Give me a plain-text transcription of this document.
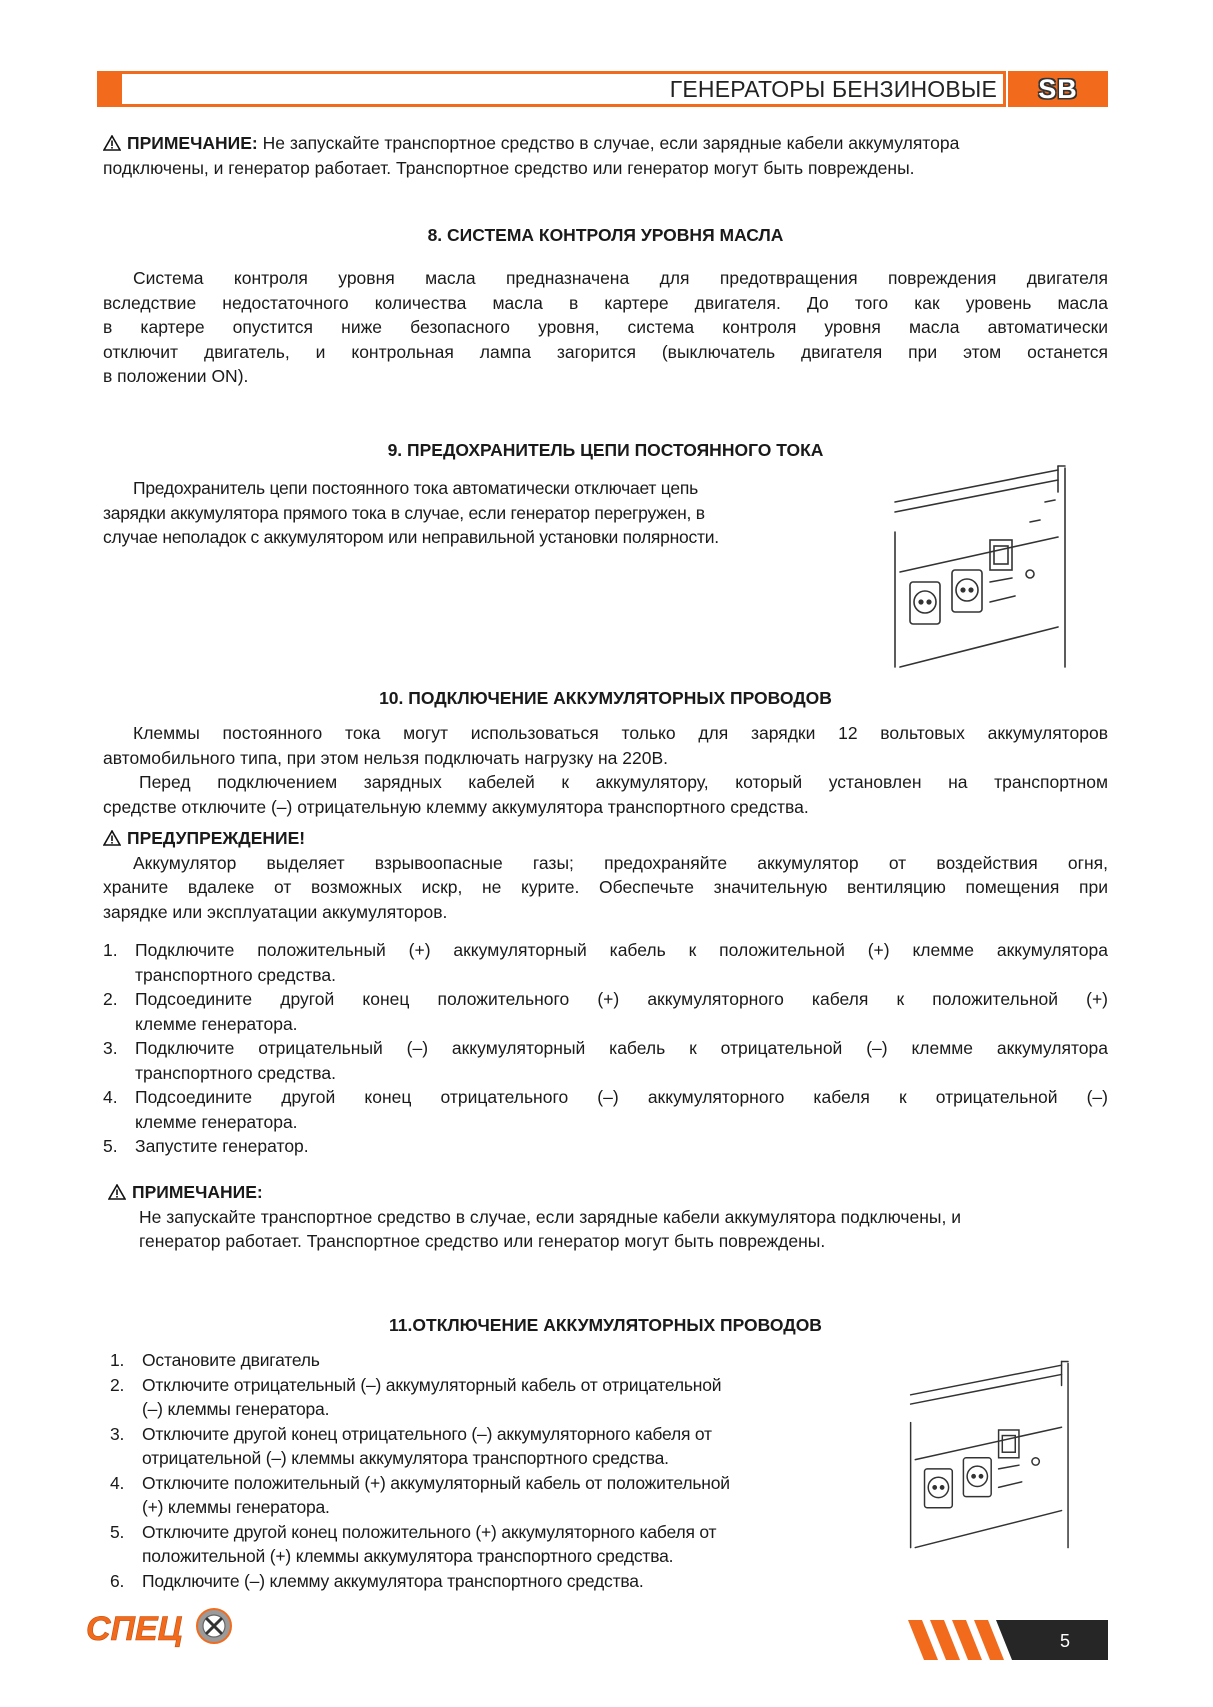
ГЕНЕРАТОРЫ БЕНЗИНОВЫЕ SB

ПРИМЕЧАНИЕ: Не запускайте транспортное средство в случае, если зарядные кабели аккумулятора

подключены, и генератор работает. Транспортное средство или генератор могут быть повреждены.

8. СИСТЕМА КОНТРОЛЯ УРОВНЯ МАСЛА

Система контроля уровня масла предназначена для предотвращения повреждения двигателя

вследствие недостаточного количества масла в картере двигателя. До того как уровень масла

в картере опустится ниже безопасного уровня, система контроля уровня масла автоматически

отключит двигатель, и контрольная лампа загорится (выключатель двигателя при этом останется

в положении ON).

9. ПРЕДОХРАНИТЕЛЬ ЦЕПИ ПОСТОЯННОГО ТОКА

Предохранитель цепи постоянного тока автоматически отключает цепь

зарядки аккумулятора прямого тока в случае, если генератор перегружен, в

случае неполадок с аккумулятором или неправильной установки полярности.

10. ПОДКЛЮЧЕНИЕ АККУМУЛЯТОРНЫХ ПРОВОДОВ

Клеммы постоянного тока могут использоваться только для зарядки 12 вольтовых аккумуляторов

автомобильного типа, при этом нельзя подключать нагрузку на 220В.

Перед подключением зарядных кабелей к аккумулятору, который установлен на транспортном

средстве отключите (–) отрицательную клемму аккумулятора транспортного средства.

ПРЕДУПРЕЖДЕНИЕ!

Аккумулятор выделяет взрывоопасные газы; предохраняйте аккумулятор от воздействия огня,

храните вдалеке от возможных искр, не курите. Обеспечьте значительную вентиляцию помещения при

зарядке или эксплуатации аккумуляторов.

1. Подключите положительный (+) аккумуляторный кабель к положительной (+) клемме аккумулятора
транспортного средства.
2. Подсоедините другой конец положительного (+) аккумуляторного кабеля к положительной (+)
клемме генератора.
3. Подключите отрицательный (–) аккумуляторный кабель к отрицательной (–) клемме аккумулятора
транспортного средства.
4. Подсоедините другой конец отрицательного (–) аккумуляторного кабеля к отрицательной (–)
клемме генератора.
5. Запустите генератор.

ПРИМЕЧАНИЕ:

Не запускайте транспортное средство в случае, если зарядные кабели аккумулятора подключены, и

генератор работает. Транспортное средство или генератор могут быть повреждены.

11.ОТКЛЮЧЕНИЕ АККУМУЛЯТОРНЫХ ПРОВОДОВ
1. Остановите двигатель
2. Отключите отрицательный (–) аккумуляторный кабель от отрицательной
(–) клеммы генератора.
3. Отключите другой конец отрицательного (–) аккумуляторного кабеля от
отрицательной (–) клеммы аккумулятора транспортного средства.
4. Отключите положительный (+) аккумуляторный кабель от положительной
(+) клеммы генератора.
5. Отключите другой конец положительного (+) аккумуляторного кабеля от
положительной (+) клеммы аккумулятора транспортного средства.
6. Подключите (–) клемму аккумулятора транспортного средства.
СПЕЦ	5
